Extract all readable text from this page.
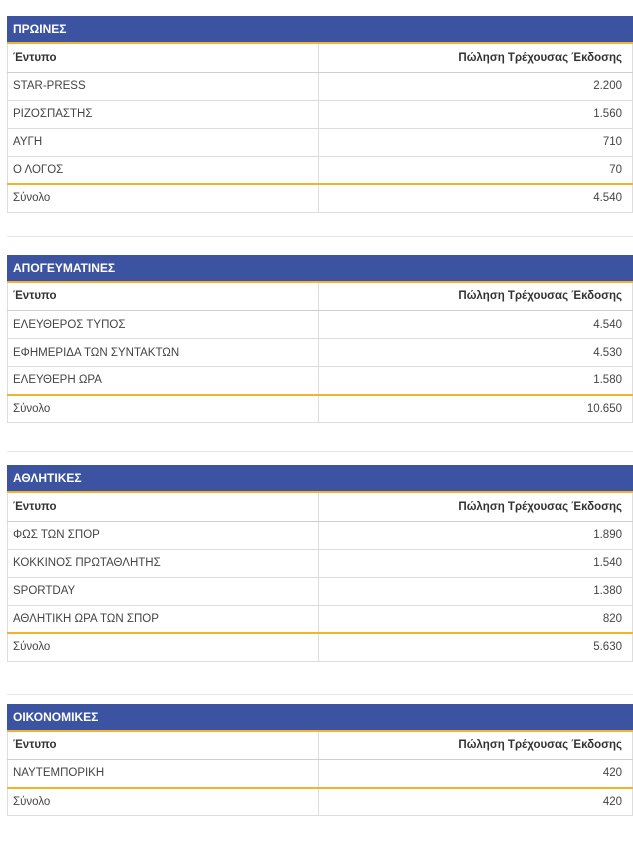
ΠΡΩΙΝΕΣ
Έντυπο	Πώληση Τρέχουσας Έκδοσης
STAR-PRESS	2.200
ΡΙΖΟΣΠΑΣΤΗΣ	1.560
ΑΥΓΗ	710
Ο ΛΟΓΟΣ	70
Σύνολο	4.540
ΑΠΟΓΕΥΜΑΤΙΝΕΣ
Έντυπο	Πώληση Τρέχουσας Έκδοσης
ΕΛΕΥΘΕΡΟΣ ΤΥΠΟΣ	4.540
ΕΦΗΜΕΡΙΔΑ ΤΩΝ ΣΥΝΤΑΚΤΩΝ	4.530
ΕΛΕΥΘΕΡΗ ΩΡΑ	1.580
Σύνολο	10.650
ΑΘΛΗΤΙΚΕΣ
Έντυπο	Πώληση Τρέχουσας Έκδοσης
ΦΩΣ ΤΩΝ ΣΠΟΡ	1.890
ΚΟΚΚΙΝΟΣ ΠΡΩΤΑΘΛΗΤΗΣ	1.540
SPORTDAY	1.380
ΑΘΛΗΤΙΚΗ ΩΡΑ ΤΩΝ ΣΠΟΡ	820
Σύνολο	5.630
ΟΙΚΟΝΟΜΙΚΕΣ
Έντυπο	Πώληση Τρέχουσας Έκδοσης
ΝΑΥΤΕΜΠΟΡΙΚΗ	420
Σύνολο	420
